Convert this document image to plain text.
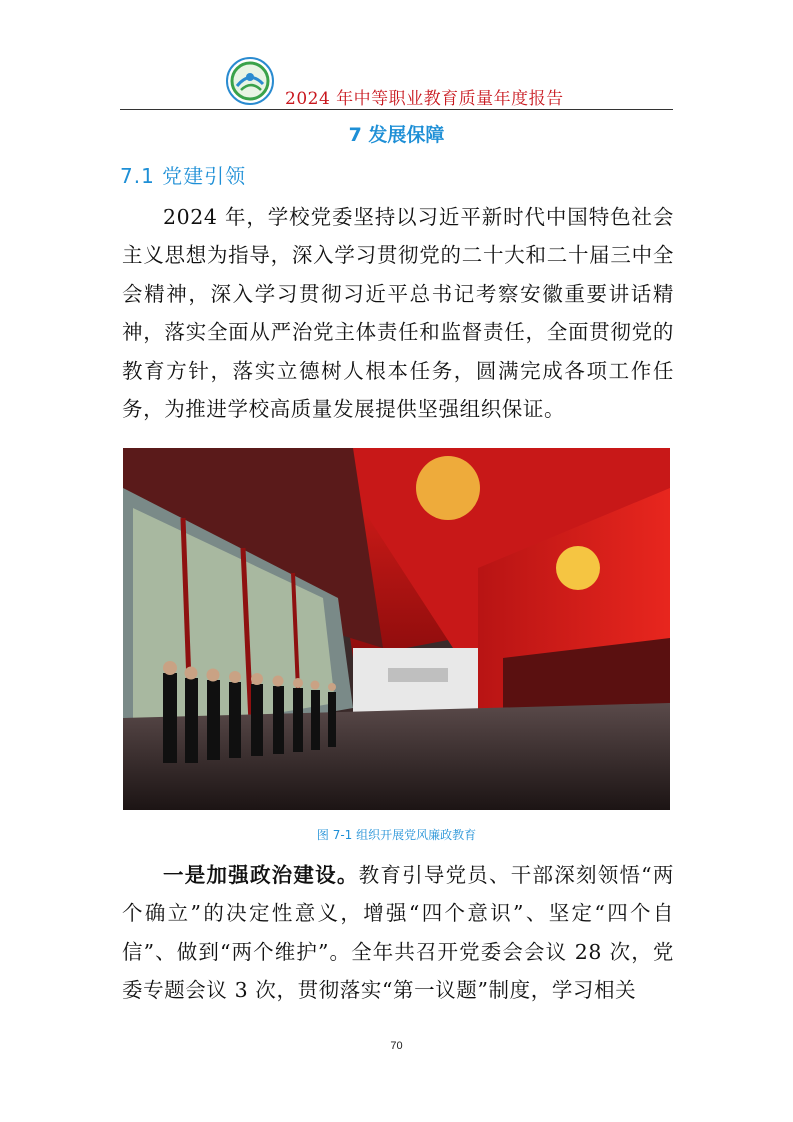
2024 年中等职业教育质量年度报告
7 发展保障
7.1 党建引领

2024 年，学校党委坚持以习近平新时代中国特色社会主义思想为指导，深入学习贯彻党的二十大和二十届三中全会精神，深入学习贯彻习近平总书记考察安徽重要讲话精神，落实全面从严治党主体责任和监督责任，全面贯彻党的教育方针，落实立德树人根本任务，圆满完成各项工作任务，为推进学校高质量发展提供坚强组织保证。

图 7-1 组织开展党风廉政教育

一是加强政治建设。教育引导党员、干部深刻领悟“两个确立”的决定性意义，增强“四个意识”、坚定“四个自信”、做到“两个维护”。全年共召开党委会会议 28 次，党委专题会议 3 次，贯彻落实“第一议题”制度，学习相关

70
